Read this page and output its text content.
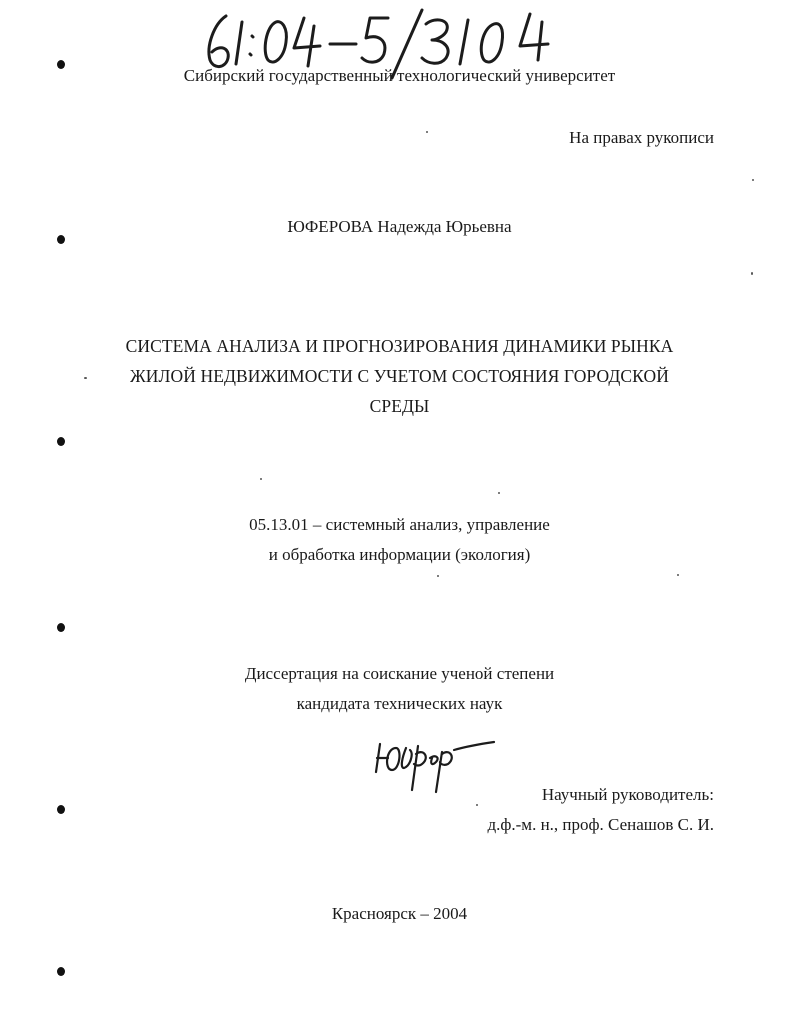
Сибирский государственный технологический университет
На правах рукописи
ЮФЕРОВА Надежда Юрьевна
СИСТЕМА АНАЛИЗА И ПРОГНОЗИРОВАНИЯ ДИНАМИКИ РЫНКА
ЖИЛОЙ НЕДВИЖИМОСТИ С УЧЕТОМ СОСТОЯНИЯ ГОРОДСКОЙ
СРЕДЫ
05.13.01 – системный анализ, управление
и обработка информации (экология)
Диссертация на соискание ученой степени
кандидата технических наук
Научный руководитель:
д.ф.-м. н., проф. Сенашов С. И.
Красноярск – 2004
